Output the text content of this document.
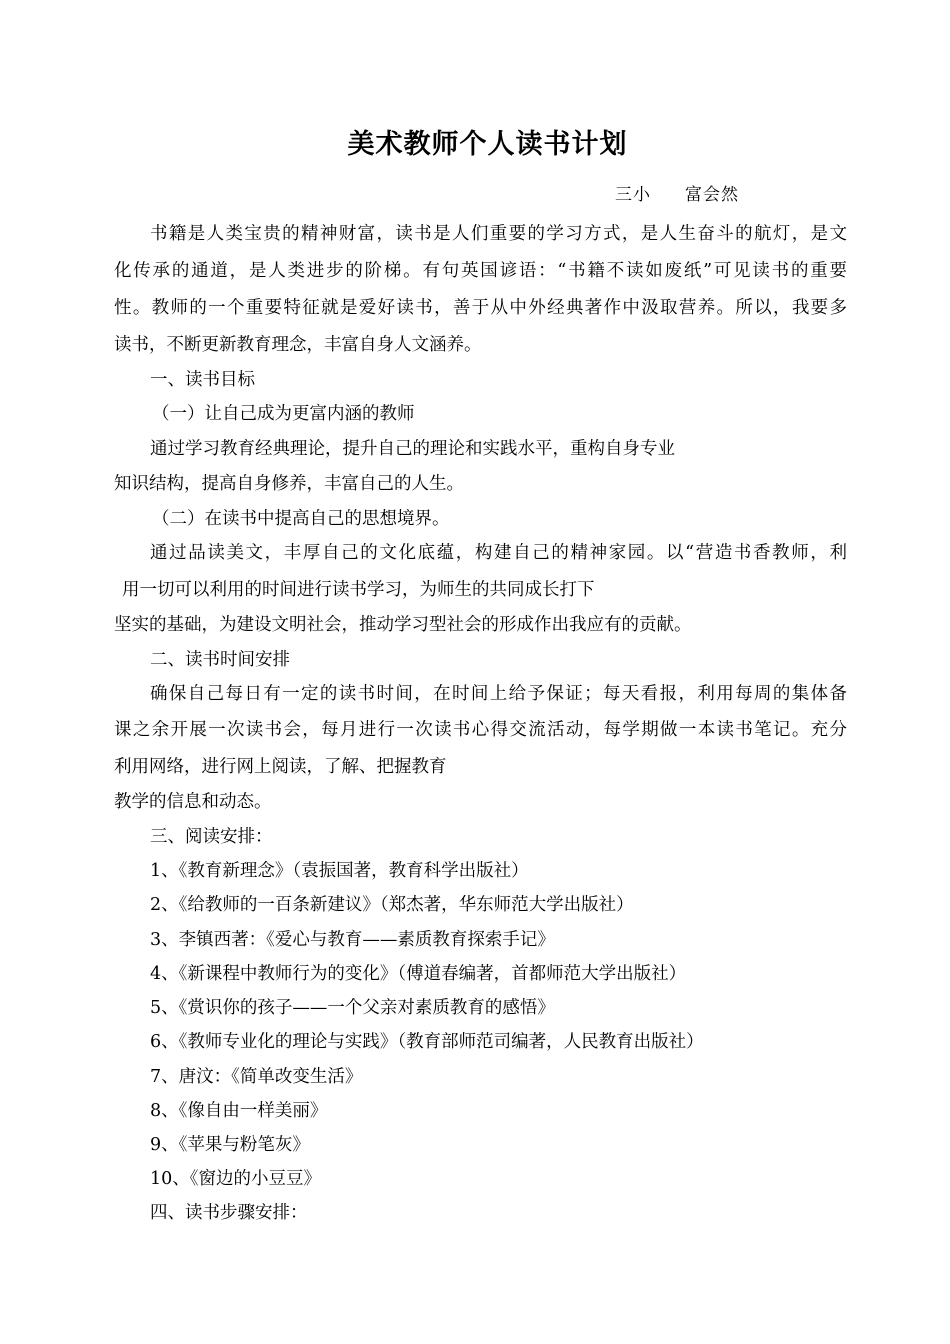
美术教师个人读书计划
三小 富会然
书籍是人类宝贵的精神财富，读书是人们重要的学习方式，是人生奋斗的航灯，是文
化传承的通道，是人类进步的阶梯。有句英国谚语：“书籍不读如废纸”可见读书的重要
性。教师的一个重要特征就是爱好读书，善于从中外经典著作中汲取营养。所以，我要多
读书，不断更新教育理念，丰富自身人文涵养。
一、读书目标
（一）让自己成为更富内涵的教师
通过学习教育经典理论，提升自己的理论和实践水平，重构自身专业
知识结构，提高自身修养，丰富自己的人生。
（二）在读书中提高自己的思想境界。
通过品读美文，丰厚自己的文化底蕴，构建自己的精神家园。以“营造书香教师，利
用一切可以利用的时间进行读书学习，为师生的共同成长打下
坚实的基础，为建设文明社会，推动学习型社会的形成作出我应有的贡献。
二、读书时间安排
确保自己每日有一定的读书时间，在时间上给予保证；每天看报，利用每周的集体备
课之余开展一次读书会，每月进行一次读书心得交流活动，每学期做一本读书笔记。充分
利用网络，进行网上阅读，了解、把握教育
教学的信息和动态。
三、阅读安排：
1、《教育新理念》（袁振国著，教育科学出版社）
2、《给教师的一百条新建议》（郑杰著，华东师范大学出版社）
3、李镇西著：《爱心与教育——素质教育探索手记》
4、《新课程中教师行为的变化》（傅道春编著，首都师范大学出版社）
5、《赏识你的孩子——一个父亲对素质教育的感悟》
6、《教师专业化的理论与实践》（教育部师范司编著，人民教育出版社）
7、唐汶：《简单改变生活》
8、《像自由一样美丽》
9、《苹果与粉笔灰》
10、《窗边的小豆豆》
四、读书步骤安排：
